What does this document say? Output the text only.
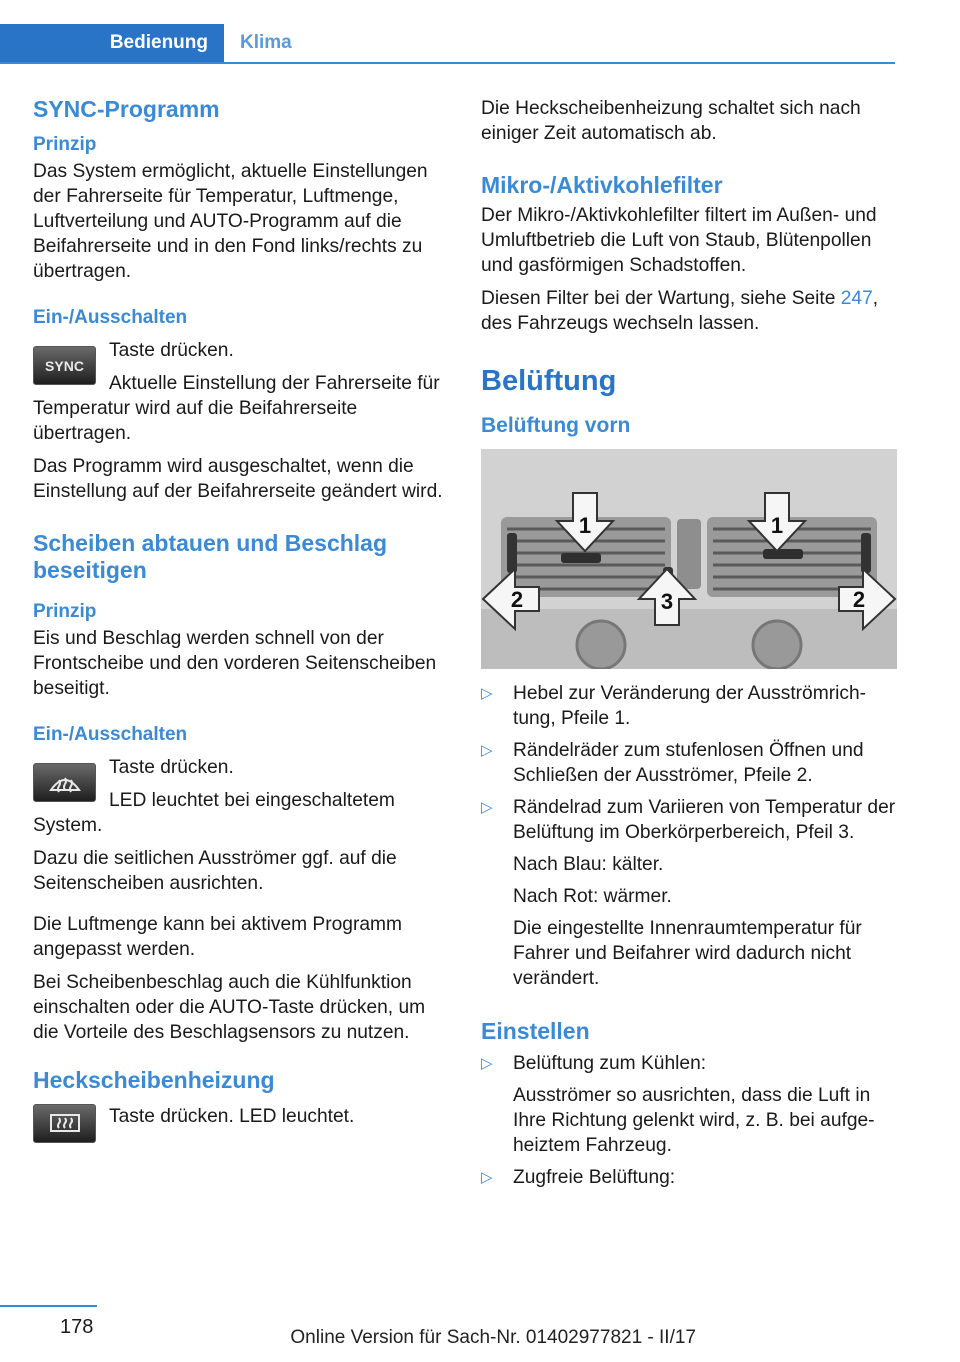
Bedienung	Klima
SYNC-Programm
Prinzip

Das System ermöglicht, aktuelle Einstellungen der Fahrerseite für Temperatur, Luftmenge, Luftverteilung und AUTO-Programm auf die Beifahrerseite und in den Fond links/rechts zu übertragen.

Ein-/Ausschalten
SYNC

Taste drücken.

Aktuelle Einstellung der Fahrerseite für Temperatur wird auf die Beifahrerseite übertragen.

Das Programm wird ausgeschaltet, wenn die Einstellung auf der Beifahrerseite geändert wird.

Scheiben abtauen und Beschlag beseitigen
Prinzip

Eis und Beschlag werden schnell von der Frontscheibe und den vorderen Seitenscheiben beseitigt.

Ein-/Ausschalten

Taste drücken.

LED leuchtet bei eingeschaltetem System.

Dazu die seitlichen Ausströmer ggf. auf die Seitenscheiben ausrichten.

Die Luftmenge kann bei aktivem Programm angepasst werden.

Bei Scheibenbeschlag auch die Kühlfunktion einschalten oder die AUTO-Taste drücken, um die Vorteile des Beschlagsensors zu nutzen.

Heckscheibenheizung

Taste drücken. LED leuchtet.

Die Heckscheibenheizung schaltet sich nach einiger Zeit automatisch ab.

Mikro-/Aktivkohlefilter

Der Mikro-/Aktivkohlefilter filtert im Außen- und Umluftbetrieb die Luft von Staub, Blütenpollen und gasförmigen Schadstoffen.

Diesen Filter bei der Wartung, siehe Seite 247, des Fahrzeugs wechseln lassen.

Belüftung
Belüftung vorn
1	1
2	3	2
▷ Hebel zur Veränderung der Ausströmrichtung, Pfeile 1.
▷ Rändelräder zum stufenlosen Öffnen und Schließen der Ausströmer, Pfeile 2.
▷ Rändelrad zum Variieren von Temperatur der Belüftung im Oberkörperbereich, Pfeil 3.
Nach Blau: kälter.
Nach Rot: wärmer.
Die eingestellte Innenraumtemperatur für Fahrer und Beifahrer wird dadurch nicht verändert.
Einstellen
▷ Belüftung zum Kühlen:
Ausströmer so ausrichten, dass die Luft in Ihre Richtung gelenkt wird, z. B. bei aufgeheiztem Fahrzeug.
▷ Zugfreie Belüftung:
178	Online Version für Sach-Nr. 01402977821 - II/17
